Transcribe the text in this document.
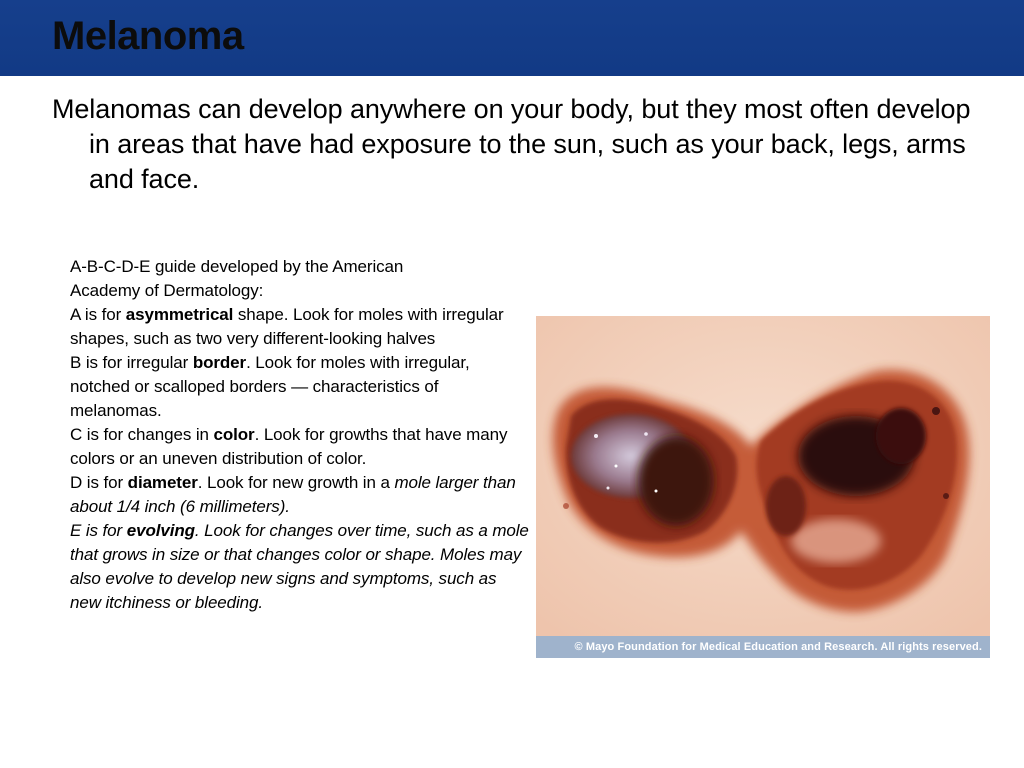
Melanoma

Melanomas can develop anywhere on your body, but they most often develop in areas that have had exposure to the sun, such as your back, legs, arms and face.

A-B-C-D-E guide developed by the American
Academy of Dermatology:
A is for asymmetrical shape. Look for moles with irregular shapes, such as two very different-looking halves
B is for irregular border. Look for moles with irregular, notched or scalloped borders — characteristics of melanomas.
C is for changes in color. Look for growths that have many colors or an uneven distribution of color.
D is for diameter. Look for new growth in a mole larger than about 1/4 inch (6 millimeters).
E is for evolving. Look for changes over time, such as a mole that grows in size or that changes color or shape. Moles may also evolve to develop new signs and symptoms, such as new itchiness or bleeding.
© Mayo Foundation for Medical Education and Research. All rights reserved.
